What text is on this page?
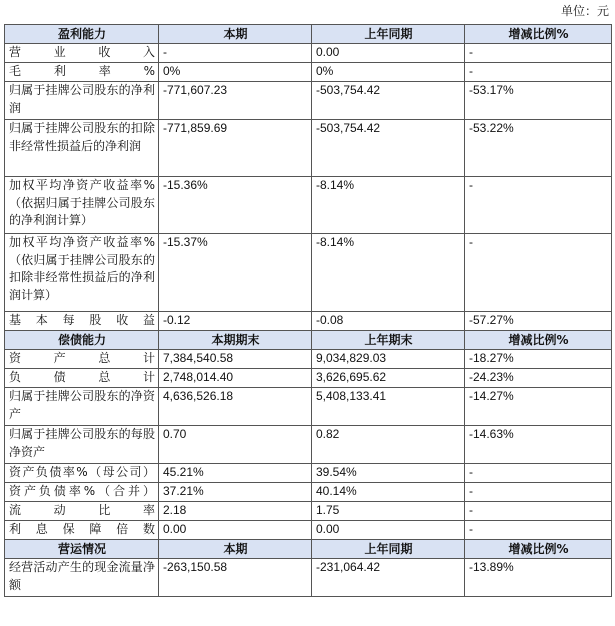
单位：元
盈利能力	本期	上年同期	增减比例%
营业收入	-	0.00	-
毛利率%	0%	0%	-
归属于挂牌公司股东的净利润	-771,607.23	-503,754.42	-53.17%
归属于挂牌公司股东的扣除非经常性损益后的净利润	-771,859.69	-503,754.42	-53.22%
加权平均净资产收益率%（依据归属于挂牌公司股东的净利润计算）	-15.36%	-8.14%	-
加权平均净资产收益率%（依归属于挂牌公司股东的扣除非经常性损益后的净利润计算）	-15.37%	-8.14%	-
基本每股收益	-0.12	-0.08	-57.27%
偿债能力	本期期末	上年期末	增减比例%
资产总计	7,384,540.58	9,034,829.03	-18.27%
负债总计	2,748,014.40	3,626,695.62	-24.23%
归属于挂牌公司股东的净资产	4,636,526.18	5,408,133.41	-14.27%
归属于挂牌公司股东的每股净资产	0.70	0.82	-14.63%
资产负债率%（母公司）	45.21%	39.54%	-
资产负债率%（合并）	37.21%	40.14%	-
流动比率	2.18	1.75	-
利息保障倍数	0.00	0.00	-
营运情况	本期	上年同期	增减比例%
经营活动产生的现金流量净额	-263,150.58	-231,064.42	-13.89%
